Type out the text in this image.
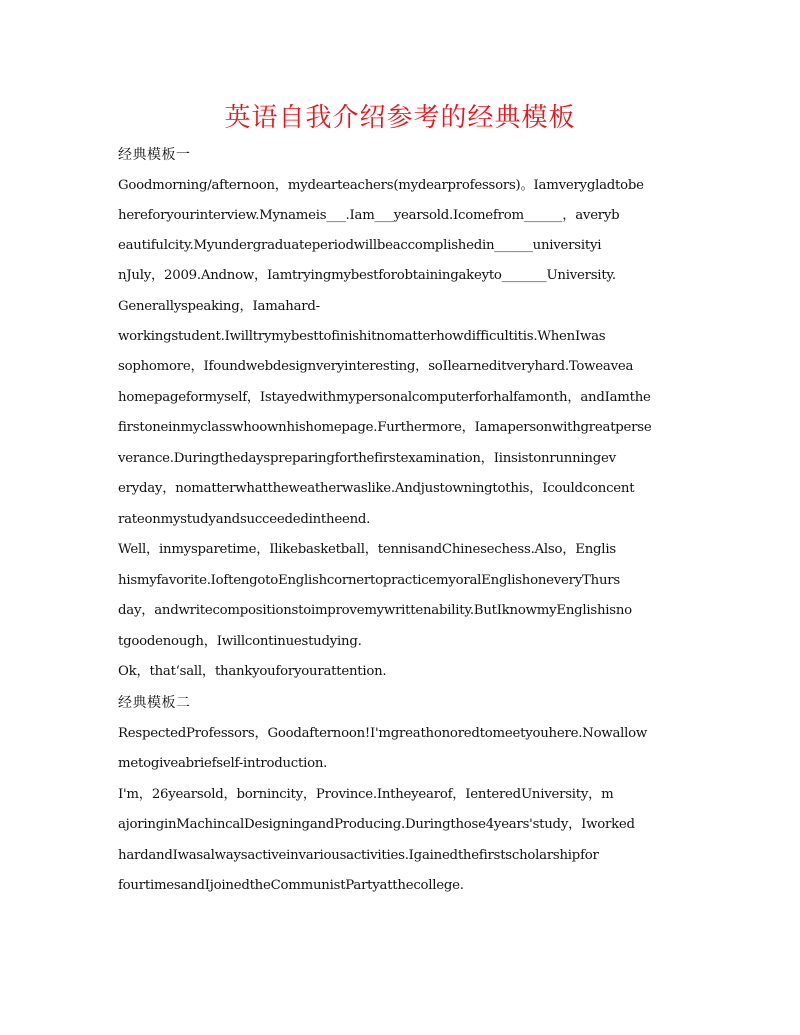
英语自我介绍参考的经典模板
经典模板一
Goodmorning/afternoon，mydearteachers(mydearprofessors)。Iamverygladtobe
hereforyourinterview.Mynameis___.Iam___yearsold.Icomefrom______，averyb
eautifulcity.Myundergraduateperiodwillbeaccomplishedin______universityi
nJuly，2009.Andnow，Iamtryingmybestforobtainingakeyto_______University.
Generallyspeaking，Iamahard-
workingstudent.Iwilltrymybesttofinishitnomatterhowdifficultitis.WhenIwas
sophomore，Ifoundwebdesignveryinteresting，soIlearneditveryhard.Toweavea
homepageformyself，Istayedwithmypersonalcomputerforhalfamonth，andIamthe
firstoneinmyclasswhoownhishomepage.Furthermore，Iamapersonwithgreatperse
verance.Duringthedayspreparingforthefirstexamination，Iinsistonrunningev
eryday，nomatterwhattheweatherwaslike.Andjustowningtothis，Icouldconcent
rateonmystudyandsucceededintheend.
Well，inmysparetime，Ilikebasketball，tennisandChinesechess.Also，Englis
hismyfavorite.IoftengotoEnglishcornertopracticemyoralEnglishoneveryThurs
day，andwritecompositionstoimprovemywrittenability.ButIknowmyEnglishisno
tgoodenough，Iwillcontinuestudying.
Ok，that‘sall，thankyouforyourattention.
经典模板二
RespectedProfessors，Goodafternoon!I'mgreathonoredtomeetyouhere.Nowallow
metogiveabriefself-introduction.
I'm，26yearsold，bornincity，Province.Intheyearof，IenteredUniversity，m
ajoringinMachincalDesigningandProducing.Duringthose4years'study，Iworked
hardandIwasalwaysactiveinvariousactivities.Igainedthefirstscholarshipfor
fourtimesandIjoinedtheCommunistPartyatthecollege.
